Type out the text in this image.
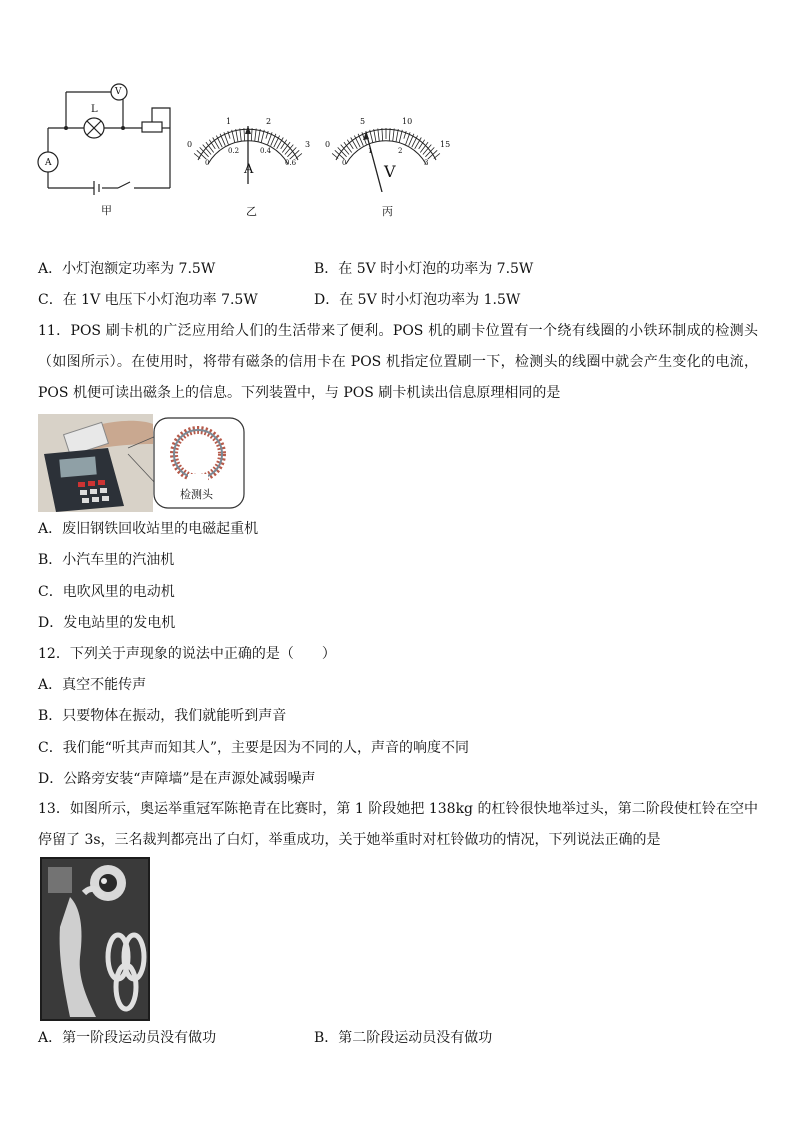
V
L
A
甲
0
1	2
3
0
0.2	0.4
0.6
A
乙
0
5	10
15
0
1	2
3
V
丙
A．小灯泡额定功率为 7.5W	B．在 5V 时小灯泡的功率为 7.5W
C．在 1V 电压下小灯泡功率 7.5W	D．在 5V 时小灯泡功率为 1.5W
11．POS 刷卡机的广泛应用给人们的生活带来了便利。POS 机的刷卡位置有一个绕有线圈的小铁环制成的检测头（如图所示）。在使用时，将带有磁条的信用卡在 POS 机指定位置刷一下，检测头的线圈中就会产生变化的电流，POS 机便可读出磁条上的信息。下列装置中，与 POS 刷卡机读出信息原理相同的是
检测头
A．废旧钢铁回收站里的电磁起重机
B．小汽车里的汽油机
C．电吹风里的电动机
D．发电站里的发电机
12．下列关于声现象的说法中正确的是（　　）
A．真空不能传声
B．只要物体在振动，我们就能听到声音
C．我们能“听其声而知其人”，主要是因为不同的人，声音的响度不同
D．公路旁安装“声障墙”是在声源处减弱噪声
13．如图所示，奥运举重冠军陈艳青在比赛时，第 1 阶段她把 138kg 的杠铃很快地举过头，第二阶段使杠铃在空中停留了 3s，三名裁判都亮出了白灯，举重成功，关于她举重时对杠铃做功的情况，下列说法正确的是
A．第一阶段运动员没有做功	B．第二阶段运动员没有做功
